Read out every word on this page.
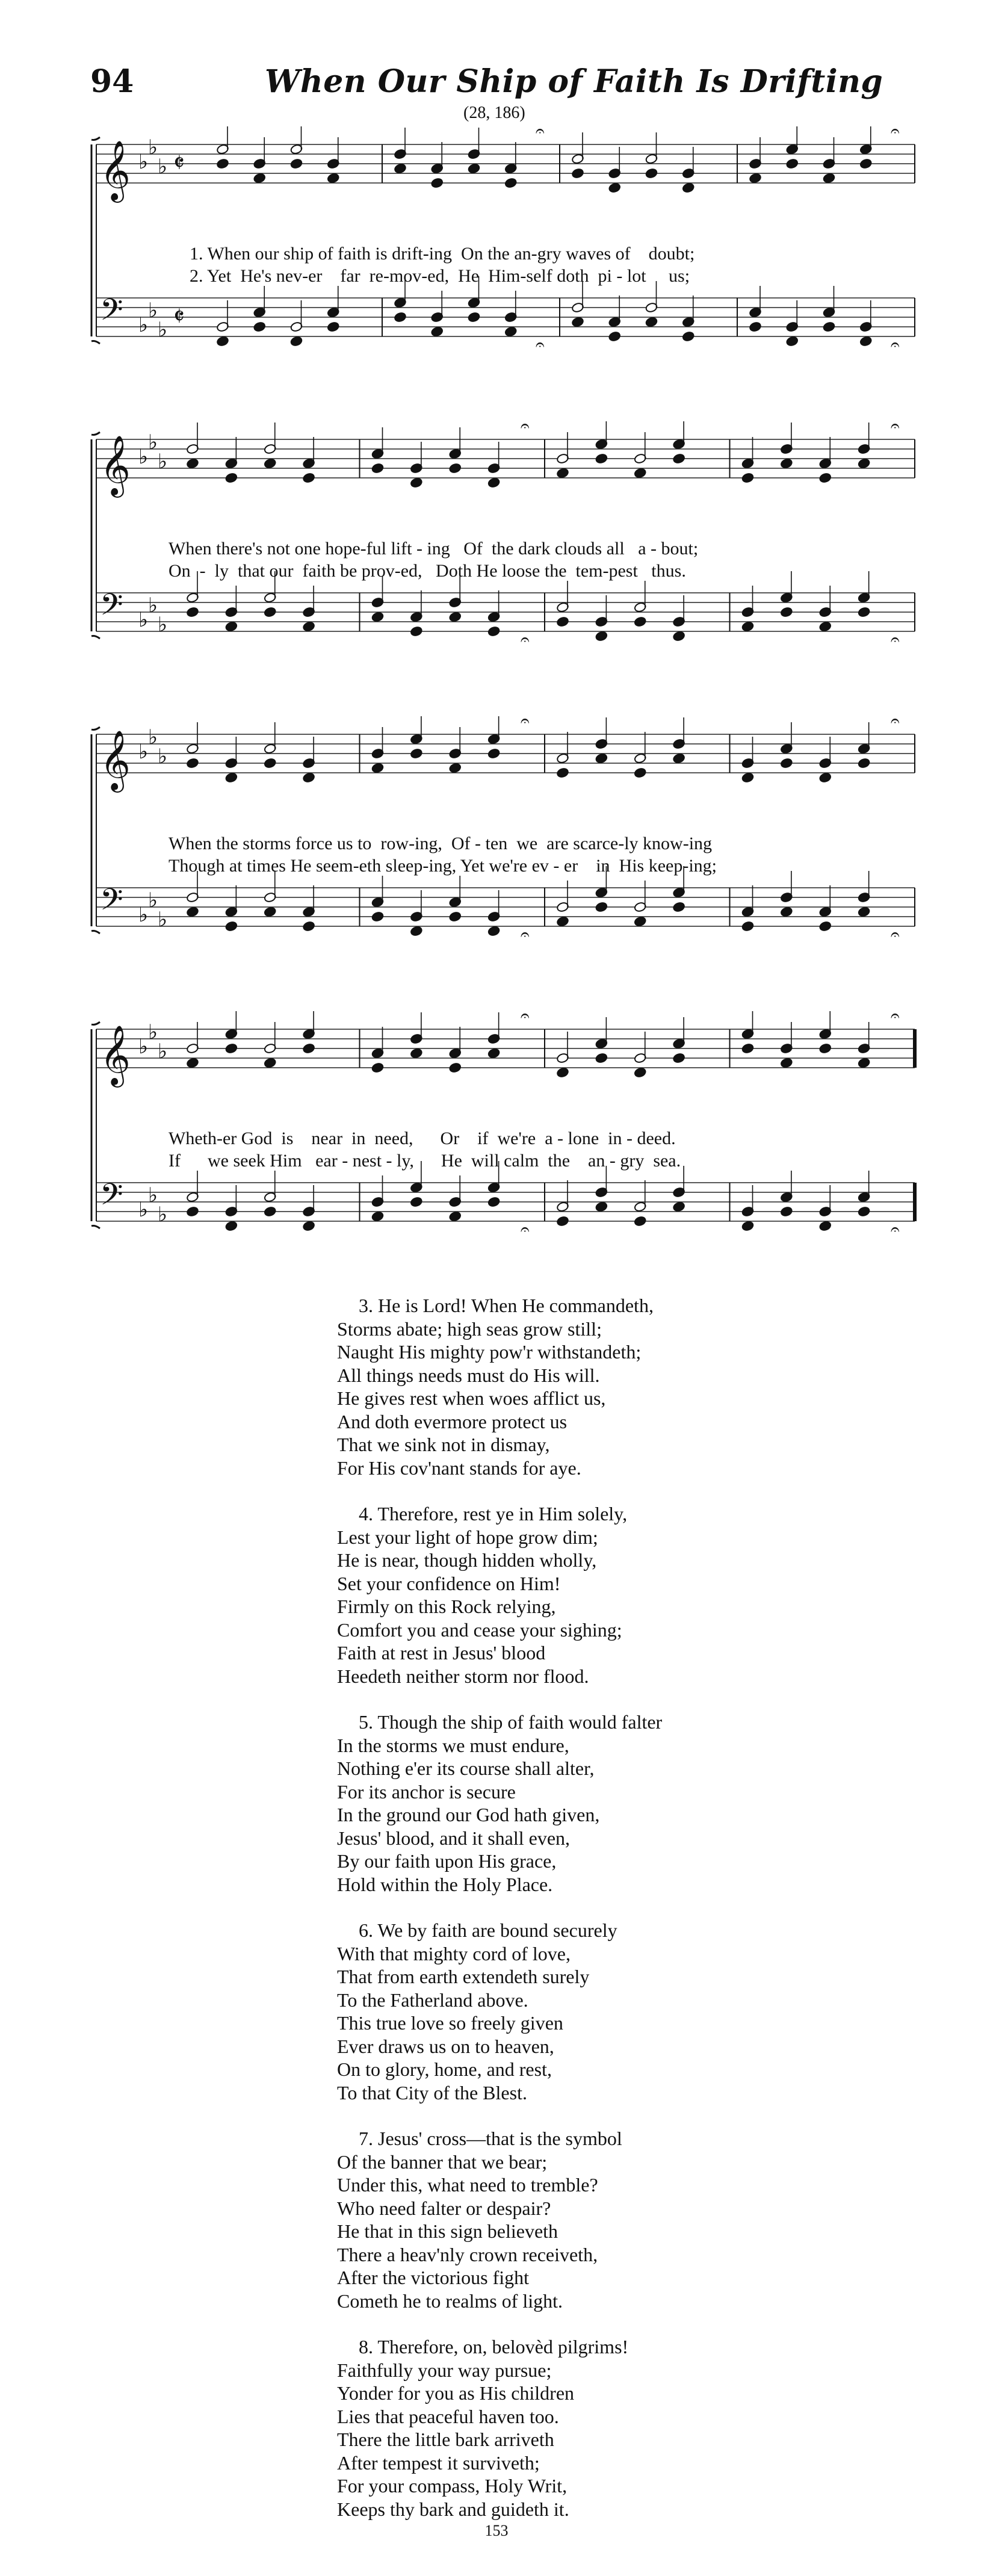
94	When Our Ship of Faith Is Drifting
(28, 186)
𝄞 ♭
♭
♭ 𝄵
𝄐	𝄐
𝄢 ♭
♭
♭ 𝄵
𝄐	𝄐
1. When our ship of faith is drift-ing  On the an-gry waves of    doubt;
2. Yet  He's nev-er    far  re-mov-ed,  He  Him-self doth  pi - lot     us;
𝄞 ♭
♭
♭
𝄐	𝄐
𝄢 ♭
♭
♭
𝄐	𝄐
When there's not one hope-ful lift - ing   Of  the dark clouds all   a - bout;
On  -  ly  that our  faith be prov-ed,   Doth He loose the  tem-pest   thus.
𝄞 ♭
♭
♭
𝄐	𝄐
𝄢 ♭
♭
♭
𝄐	𝄐
When the storms force us to  row-ing,  Of - ten  we  are scarce-ly know-ing
Though at times He seem-eth sleep-ing, Yet we're ev - er    in  His keep-ing;
𝄞 ♭
♭
♭
𝄐	𝄐
𝄢 ♭
♭
♭
𝄐	𝄐
Wheth-er God  is    near  in  need,      Or    if  we're  a - lone  in - deed.
If      we seek Him   ear - nest - ly,      He  will calm  the    an - gry  sea.
3. He is Lord! When He commandeth,
Storms abate; high seas grow still;
Naught His mighty pow'r withstandeth;
All things needs must do His will.
He gives rest when woes afflict us,
And doth evermore protect us
That we sink not in dismay,
For His cov'nant stands for aye.
4. Therefore, rest ye in Him solely,
Lest your light of hope grow dim;
He is near, though hidden wholly,
Set your confidence on Him!
Firmly on this Rock relying,
Comfort you and cease your sighing;
Faith at rest in Jesus' blood
Heedeth neither storm nor flood.
5. Though the ship of faith would falter
In the storms we must endure,
Nothing e'er its course shall alter,
For its anchor is secure
In the ground our God hath given,
Jesus' blood, and it shall even,
By our faith upon His grace,
Hold within the Holy Place.
6. We by faith are bound securely
With that mighty cord of love,
That from earth extendeth surely
To the Fatherland above.
This true love so freely given
Ever draws us on to heaven,
On to glory, home, and rest,
To that City of the Blest.
7. Jesus' cross—that is the symbol
Of the banner that we bear;
Under this, what need to tremble?
Who need falter or despair?
He that in this sign believeth
There a heav'nly crown receiveth,
After the victorious fight
Cometh he to realms of light.
8. Therefore, on, belovèd pilgrims!
Faithfully your way pursue;
Yonder for you as His children
Lies that peaceful haven too.
There the little bark arriveth
After tempest it surviveth;
For your compass, Holy Writ,
Keeps thy bark and guideth it.
153
